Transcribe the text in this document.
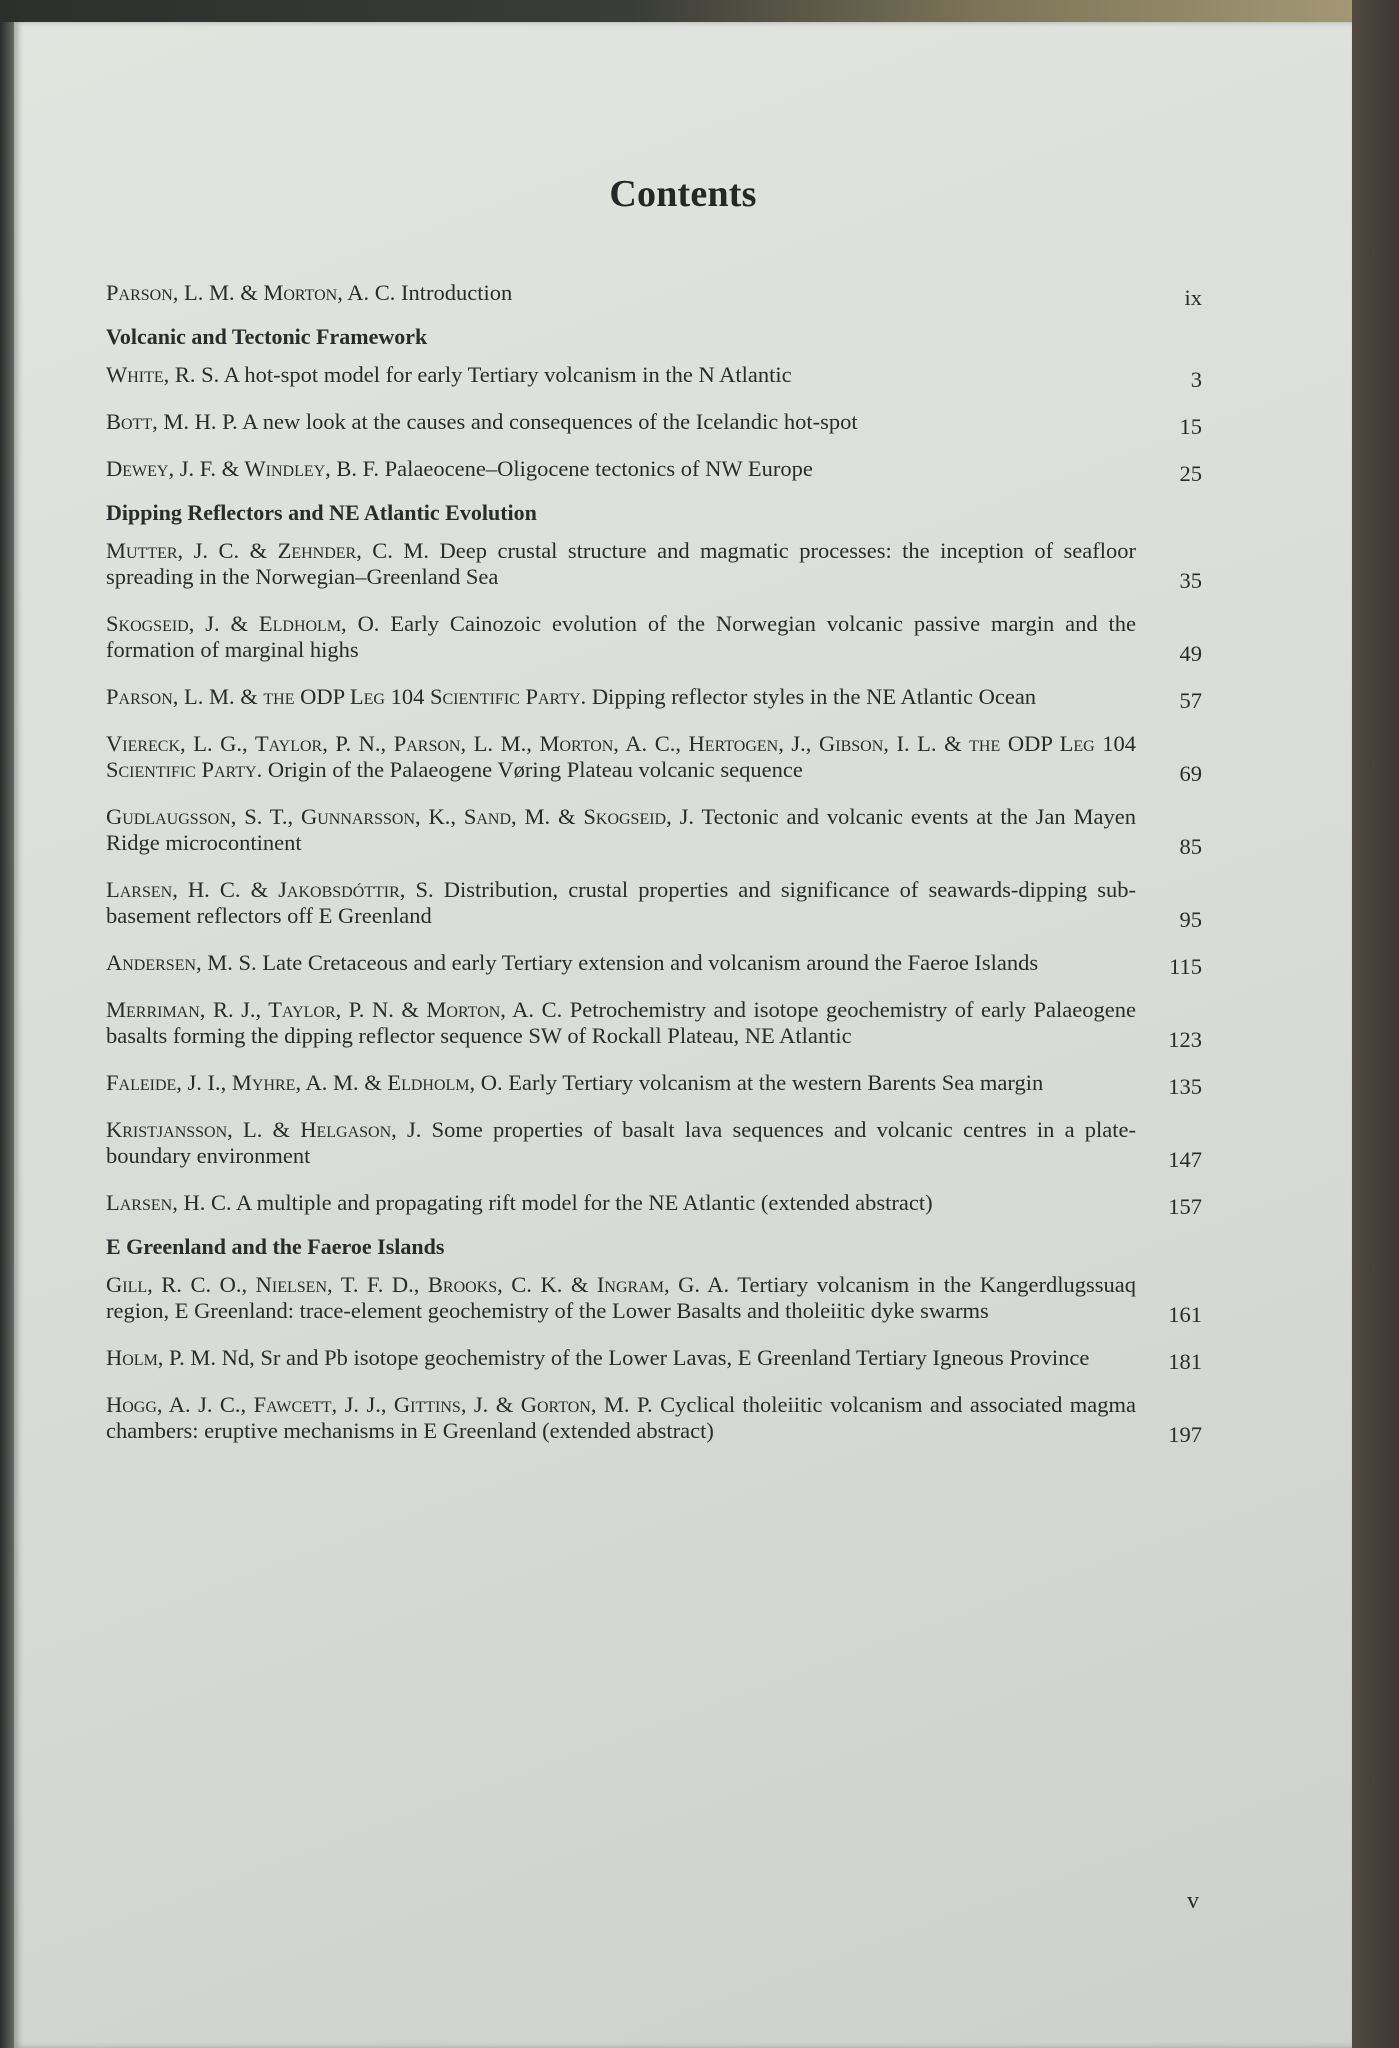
Contents
Parson, L. M. & Morton, A. C. Introduction	ix
Volcanic and Tectonic Framework
White, R. S. A hot-spot model for early Tertiary volcanism in the N Atlantic	3
Bott, M. H. P. A new look at the causes and consequences of the Icelandic hot-spot	15
Dewey, J. F. & Windley, B. F. Palaeocene–Oligocene tectonics of NW Europe	25
Dipping Reflectors and NE Atlantic Evolution
Mutter, J. C. & Zehnder, C. M. Deep crustal structure and magmatic processes: the inception of seafloor spreading in the Norwegian–Greenland Sea	35
Skogseid, J. & Eldholm, O. Early Cainozoic evolution of the Norwegian volcanic passive margin and the formation of marginal highs	49
Parson, L. M. & the ODP Leg 104 Scientific Party. Dipping reflector styles in the NE Atlantic Ocean	57
Viereck, L. G., Taylor, P. N., Parson, L. M., Morton, A. C., Hertogen, J., Gibson, I. L. & the ODP Leg 104 Scientific Party. Origin of the Palaeogene Vøring Plateau volcanic sequence	69
Gudlaugsson, S. T., Gunnarsson, K., Sand, M. & Skogseid, J. Tectonic and volcanic events at the Jan Mayen Ridge microcontinent	85
Larsen, H. C. & Jakobsdóttir, S. Distribution, crustal properties and significance of seawards-dipping sub-basement reflectors off E Greenland	95
Andersen, M. S. Late Cretaceous and early Tertiary extension and volcanism around the Faeroe Islands	115
Merriman, R. J., Taylor, P. N. & Morton, A. C. Petrochemistry and isotope geochemistry of early Palaeogene basalts forming the dipping reflector sequence SW of Rockall Plateau, NE Atlantic	123
Faleide, J. I., Myhre, A. M. & Eldholm, O. Early Tertiary volcanism at the western Barents Sea margin	135
Kristjansson, L. & Helgason, J. Some properties of basalt lava sequences and volcanic centres in a plate-boundary environment	147
Larsen, H. C. A multiple and propagating rift model for the NE Atlantic (extended abstract)	157
E Greenland and the Faeroe Islands
Gill, R. C. O., Nielsen, T. F. D., Brooks, C. K. & Ingram, G. A. Tertiary volcanism in the Kangerdlugssuaq region, E Greenland: trace-element geochemistry of the Lower Basalts and tholeiitic dyke swarms	161
Holm, P. M. Nd, Sr and Pb isotope geochemistry of the Lower Lavas, E Greenland Tertiary Igneous Province	181
Hogg, A. J. C., Fawcett, J. J., Gittins, J. & Gorton, M. P. Cyclical tholeiitic volcanism and associated magma chambers: eruptive mechanisms in E Greenland (extended abstract)	197
v
